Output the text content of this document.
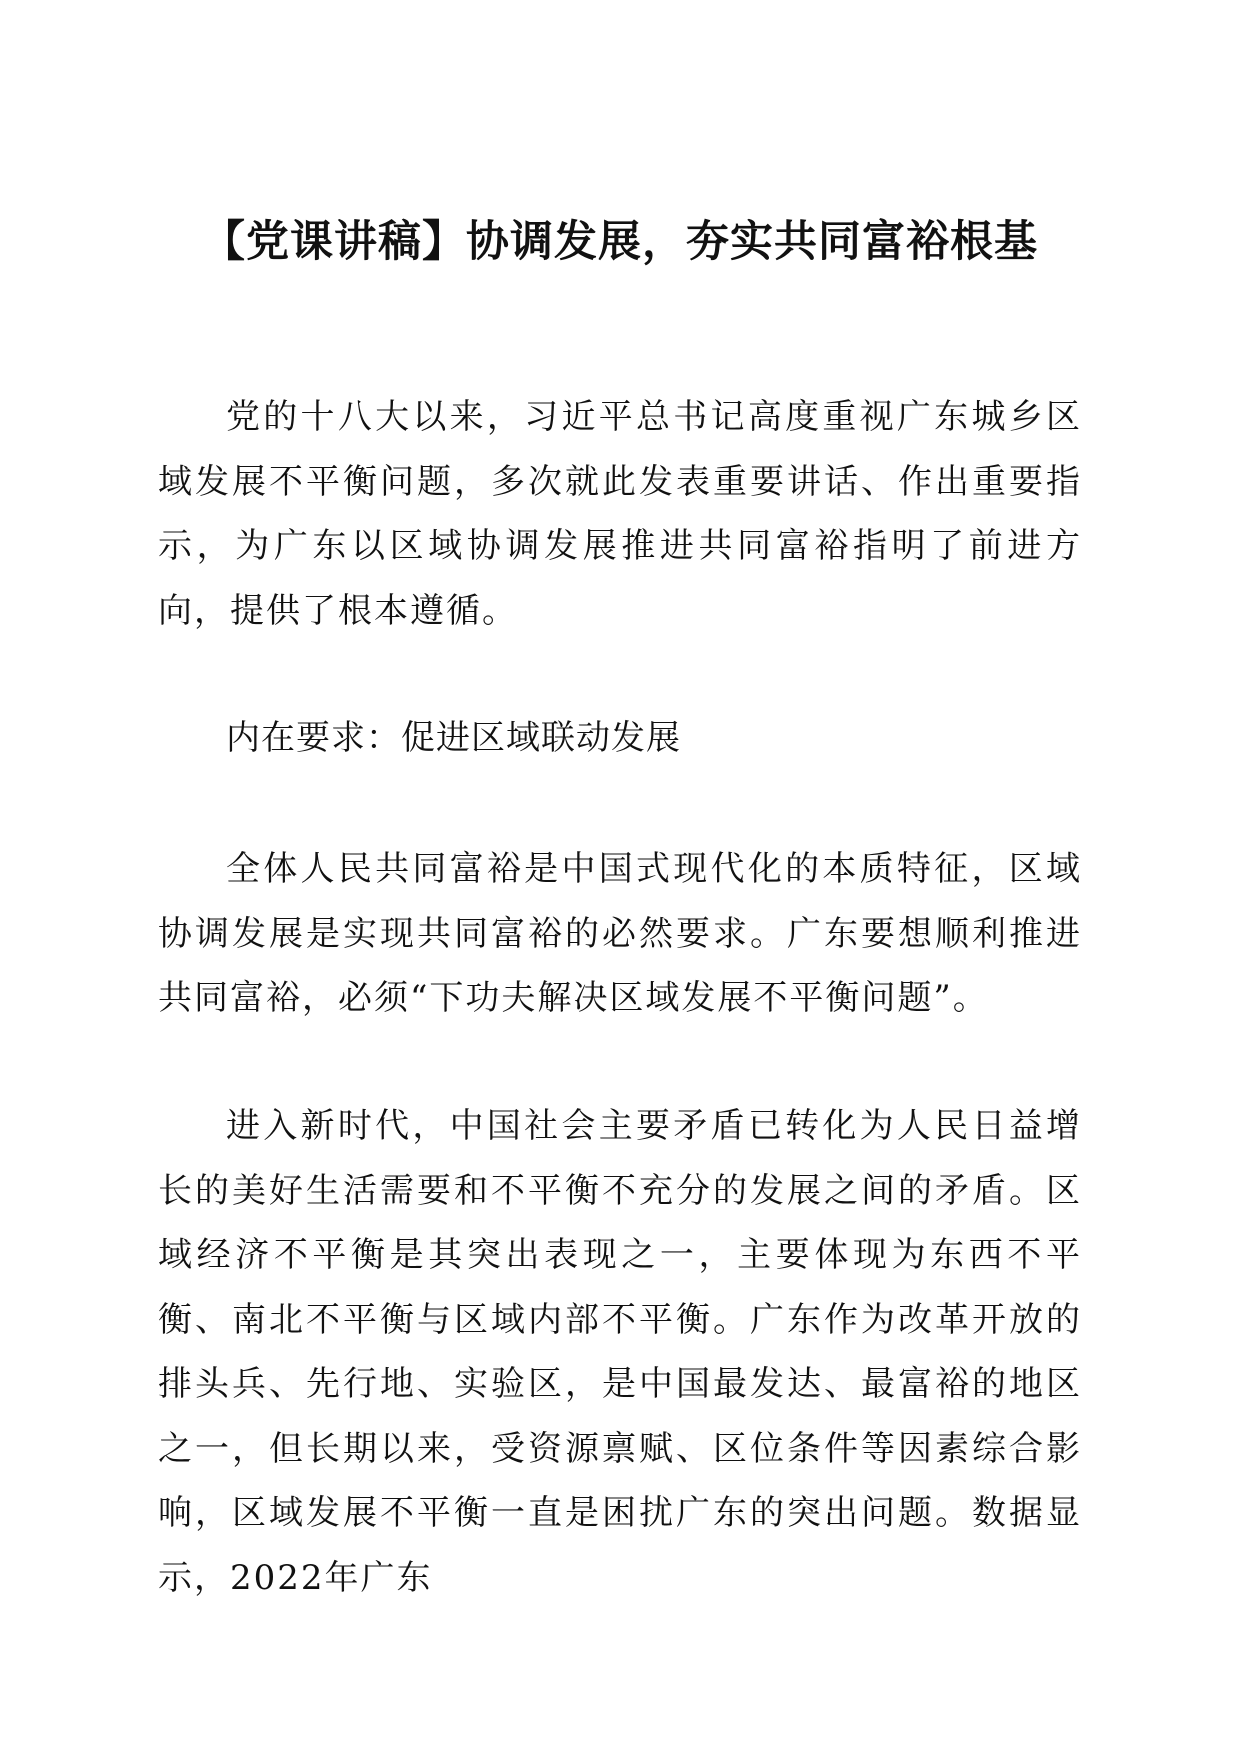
【党课讲稿】协调发展，夯实共同富裕根基

党的十八大以来，习近平总书记高度重视广东城乡区域发展不平衡问题，多次就此发表重要讲话、作出重要指示，为广东以区域协调发展推进共同富裕指明了前进方向，提供了根本遵循。

内在要求：促进区域联动发展

全体人民共同富裕是中国式现代化的本质特征，区域协调发展是实现共同富裕的必然要求。广东要想顺利推进共同富裕，必须“下功夫解决区域发展不平衡问题”。

进入新时代，中国社会主要矛盾已转化为人民日益增长的美好生活需要和不平衡不充分的发展之间的矛盾。区域经济不平衡是其突出表现之一，主要体现为东西不平衡、南北不平衡与区域内部不平衡。广东作为改革开放的排头兵、先行地、实验区，是中国最发达、最富裕的地区之一，但长期以来，受资源禀赋、区位条件等因素综合影响，区域发展不平衡一直是困扰广东的突出问题。数据显示，2022年广东
